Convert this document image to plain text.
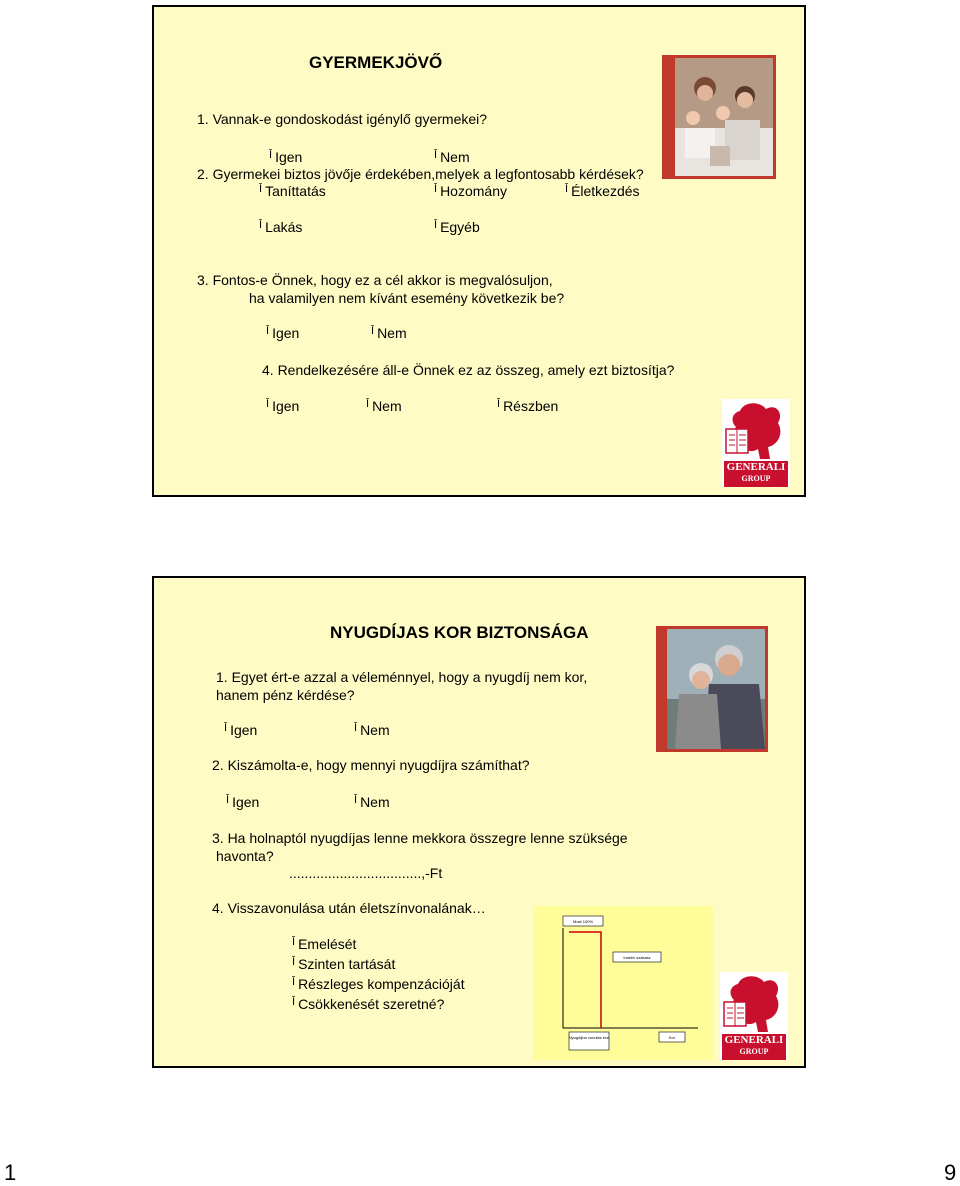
GYERMEKJÖVŐ
1. Vannak-e gondoskodást igénylő gyermekei?
$^Ī$ Igen	$^Ī$ Nem
2. Gyermekei biztos jövője érdekében,melyek a legfontosabb kérdések?
$^Ī$ Taníttatás	$^Ī$ Hozomány	$^Ī$ Életkezdés
$^Ī$ Lakás	$^Ī$ Egyéb
3. Fontos-e Önnek, hogy ez a cél akkor is megvalósuljon,
ha valamilyen nem kívánt esemény következik be?
$^Ī$ Igen	$^Ī$ Nem
4. Rendelkezésére áll-e Önnek ez az összeg, amely ezt biztosítja?
$^Ī$ Igen	$^Ī$ Nem	$^Ī$ Részben
GENERALI
GROUP
NYUGDÍJAS KOR BIZTONSÁGA
1. Egyet ért-e azzal a véleménnyel, hogy a nyugdíj nem kor,
hanem pénz kérdése?
$^Ī$ Igen	$^Ī$ Nem
2. Kiszámolta-e, hogy mennyi nyugdíjra számíthat?
$^Ī$ Igen	$^Ī$ Nem
3. Ha holnaptól nyugdíjas lenne mekkora összegre lenne szüksége
havonta?
..................................,-Ft
4. Visszavonulása után életszínvonalának…
$^Ī$ Emelését
$^Ī$ Szinten tartását
$^Ī$ Részleges kompenzációját
$^Ī$ Csökkenését szeretné?
Most 100%
Inaktív szakasz
Nyugdíjba vonulás éve	Kor	GENERALI
GROUP
1	9
